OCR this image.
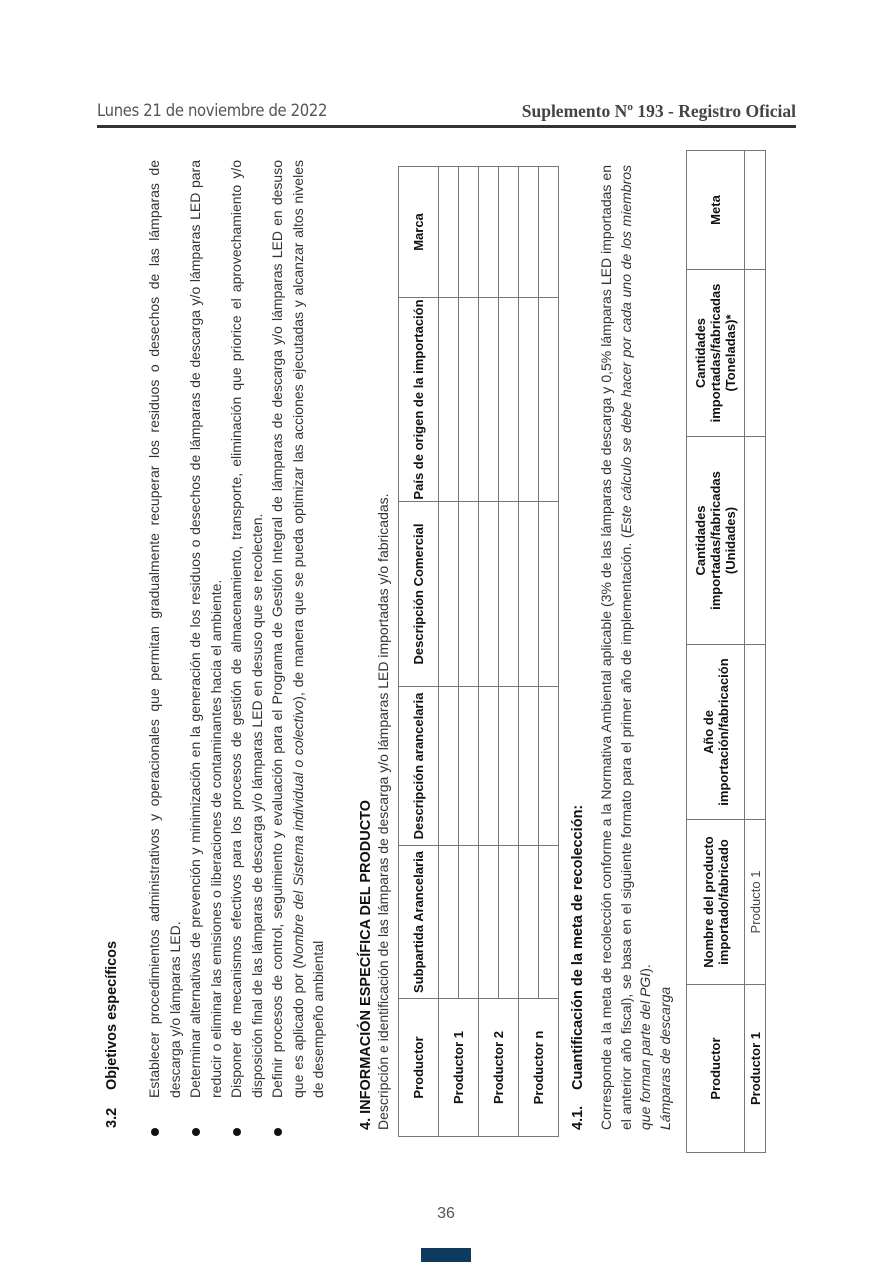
Lunes 21 de noviembre de 2022	Suplemento Nº 193 - Registro Oficial
3.2Objetivos específicos Establecer procedimientos administrativos y operacionales que permitan gradualmente recuperar los residuos o desechos de las lámparas de descarga y/o lámparas LED. Determinar alternativas de prevención y minimización en la generación de los residuos o desechos de lámparas de descarga y/o lámparas LED para reducir o eliminar las emisiones o liberaciones de contaminantes hacia el ambiente. Disponer de mecanismos efectivos para los procesos de gestión de almacenamiento, transporte, eliminación que priorice el aprovechamiento y/o disposición final de las lámparas de descarga y/o lámparas LED en desuso que se recolecten. Definir procesos de control, seguimiento y evaluación para el Programa de Gestión Integral de lámparas de descarga y/o lámparas LED en desuso que es aplicado por (Nombre del Sistema individual o colectivo), de manera que se pueda optimizar las acciones ejecutadas y alcanzar altos niveles de desempeño ambiental 4. INFORMACIÓN ESPECÍFICA DEL PRODUCTO Descripción e identificación de las lámparas de descarga y/o lámparas LED importadas y/o fabricadas. Productor	Subpartida Arancelaria	Descripción arancelaria	Descripción Comercial	País de origen de la importación	Marca
Productor 1					

Productor 2					

Productor n					

4.1.Cuantificación de la meta de recolección: Corresponde a la meta de recolección conforme a la Normativa Ambiental aplicable (3% de las lámparas de descarga y 0,5% lámparas LED importadas en el anterior año fiscal), se basa en el siguiente formato para el primer año de implementación. (Este cálculo se debe hacer por cada uno de los miembros que forman parte del PGI).
Lámparas de descarga	Productor	Nombre del producto importado/fabricado	Año de importación/fabricación	Cantidades importadas/fabricadas (Unidades)	Cantidades importadas/fabricadas (Toneladas)*	Meta
Productor 1	Producto 1				
36
